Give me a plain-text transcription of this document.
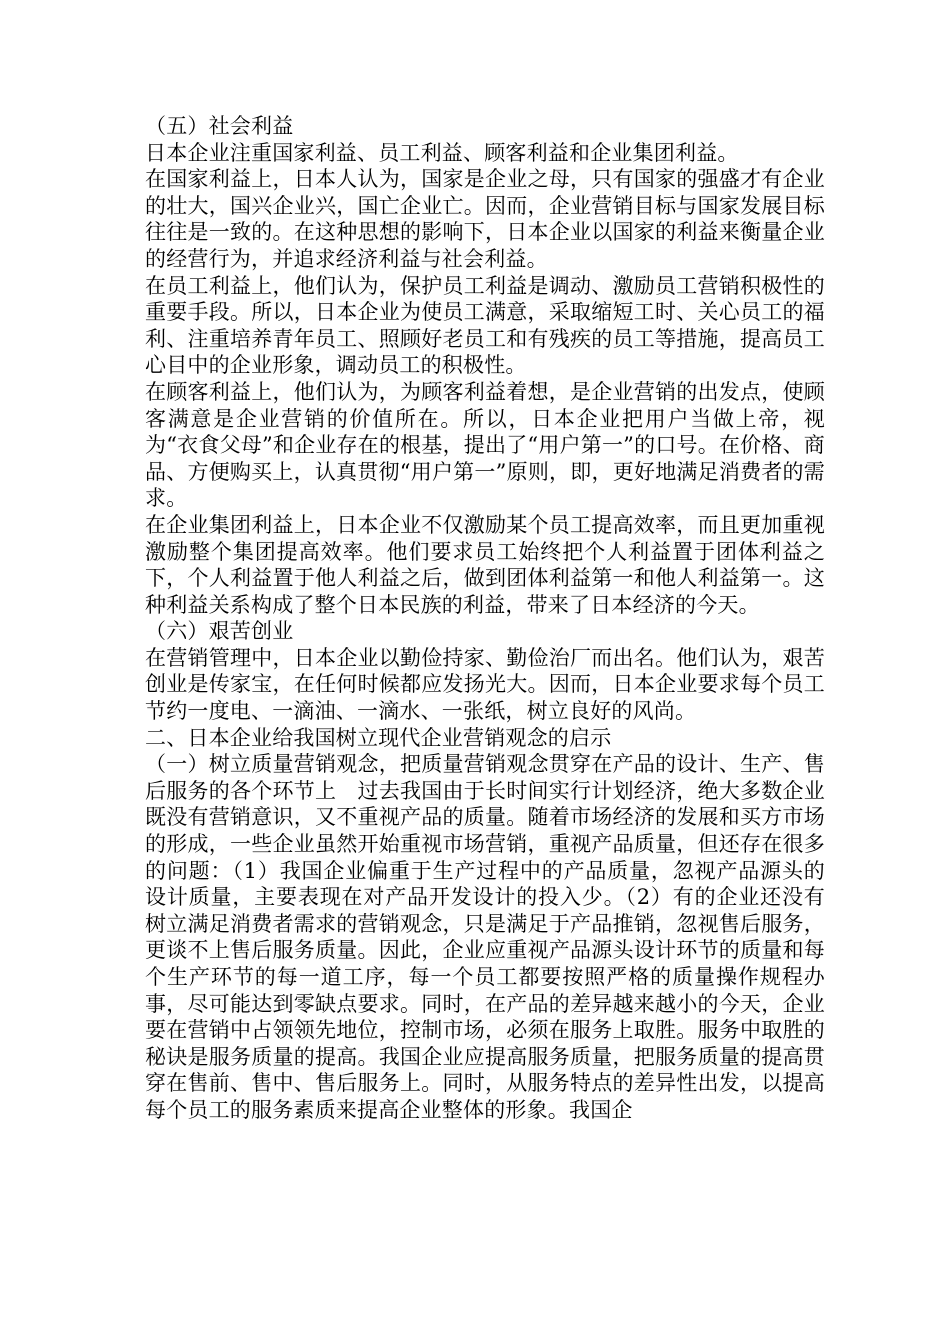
（五）社会利益

日本企业注重国家利益、员工利益、顾客利益和企业集团利益。

在国家利益上，日本人认为，国家是企业之母，只有国家的强盛才有企业的壮大，国兴企业兴，国亡企业亡。因而，企业营销目标与国家发展目标往往是一致的。在这种思想的影响下，日本企业以国家的利益来衡量企业的经营行为，并追求经济利益与社会利益。

在员工利益上，他们认为，保护员工利益是调动、激励员工营销积极性的重要手段。所以，日本企业为使员工满意，采取缩短工时、关心员工的福利、注重培养青年员工、照顾好老员工和有残疾的员工等措施，提高员工心目中的企业形象，调动员工的积极性。

在顾客利益上，他们认为，为顾客利益着想，是企业营销的出发点，使顾客满意是企业营销的价值所在。所以，日本企业把用户当做上帝，视为“衣食父母”和企业存在的根基，提出了“用户第一”的口号。在价格、商品、方便购买上，认真贯彻“用户第一”原则，即，更好地满足消费者的需求。

在企业集团利益上，日本企业不仅激励某个员工提高效率，而且更加重视激励整个集团提高效率。他们要求员工始终把个人利益置于团体利益之下，个人利益置于他人利益之后，做到团体利益第一和他人利益第一。这种利益关系构成了整个日本民族的利益，带来了日本经济的今天。

（六）艰苦创业

在营销管理中，日本企业以勤俭持家、勤俭治厂而出名。他们认为，艰苦创业是传家宝，在任何时候都应发扬光大。因而，日本企业要求每个员工节约一度电、一滴油、一滴水、一张纸，树立良好的风尚。

二、日本企业给我国树立现代企业营销观念的启示

（一）树立质量营销观念，把质量营销观念贯穿在产品的设计、生产、售后服务的各个环节上　过去我国由于长时间实行计划经济，绝大多数企业既没有营销意识，又不重视产品的质量。随着市场经济的发展和买方市场的形成，一些企业虽然开始重视市场营销，重视产品质量，但还存在很多的问题：（1）我国企业偏重于生产过程中的产品质量，忽视产品源头的设计质量，主要表现在对产品开发设计的投入少。（2）有的企业还没有树立满足消费者需求的营销观念，只是满足于产品推销，忽视售后服务，更谈不上售后服务质量。因此，企业应重视产品源头设计环节的质量和每个生产环节的每一道工序，每一个员工都要按照严格的质量操作规程办事，尽可能达到零缺点要求。同时，在产品的差异越来越小的今天，企业要在营销中占领领先地位，控制市场，必须在服务上取胜。服务中取胜的秘诀是服务质量的提高。我国企业应提高服务质量，把服务质量的提高贯穿在售前、售中、售后服务上。同时，从服务特点的差异性出发，以提高每个员工的服务素质来提高企业整体的形象。我国企
